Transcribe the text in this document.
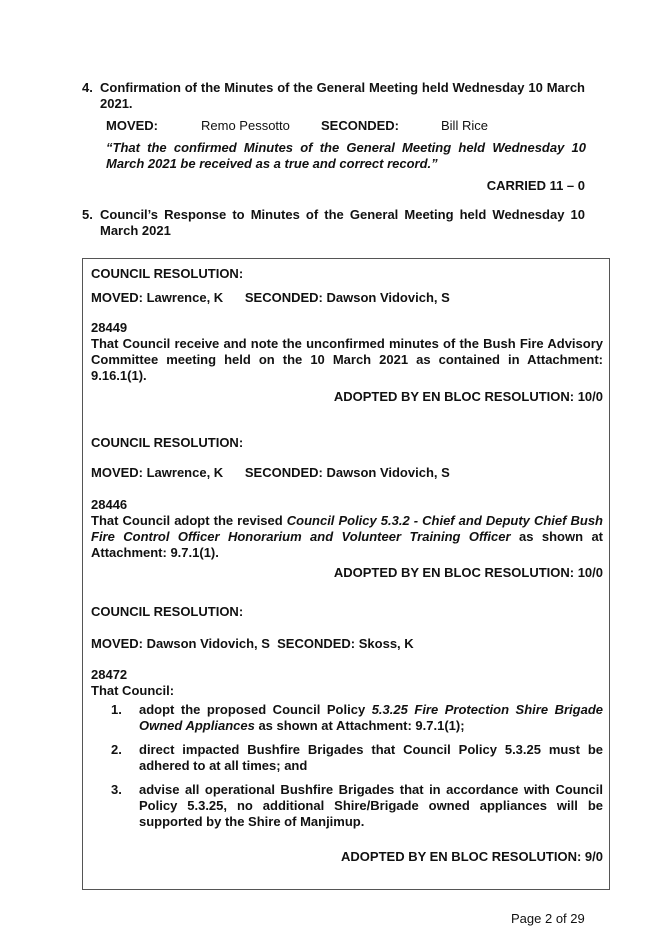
4. Confirmation of the Minutes of the General Meeting held Wednesday 10 March 2021.
MOVED:	Remo Pessotto SECONDED:	Bill Rice
“That the confirmed Minutes of the General Meeting held Wednesday 10 March 2021 be received as a true and correct record.”
CARRIED 11 – 0
5. Council’s Response to Minutes of the General Meeting held Wednesday 10 March 2021
COUNCIL RESOLUTION:
MOVED: Lawrence, K      SECONDED: Dawson Vidovich, S
28449
That Council receive and note the unconfirmed minutes of the Bush Fire Advisory Committee meeting held on the 10 March 2021 as contained in Attachment: 9.16.1(1).
ADOPTED BY EN BLOC RESOLUTION: 10/0
COUNCIL RESOLUTION:
MOVED: Lawrence, K      SECONDED: Dawson Vidovich, S
28446
That Council adopt the revised Council Policy 5.3.2 - Chief and Deputy Chief Bush Fire Control Officer Honorarium and Volunteer Training Officer as shown at Attachment: 9.7.1(1).
ADOPTED BY EN BLOC RESOLUTION: 10/0
COUNCIL RESOLUTION:
MOVED: Dawson Vidovich, S  SECONDED: Skoss, K
28472
That Council:
1. adopt the proposed Council Policy 5.3.25 Fire Protection Shire Brigade Owned Appliances as shown at Attachment: 9.7.1(1);
2. direct impacted Bushfire Brigades that Council Policy 5.3.25 must be adhered to at all times; and
3. advise all operational Bushfire Brigades that in accordance with Council Policy 5.3.25, no additional Shire/Brigade owned appliances will be supported by the Shire of Manjimup.
ADOPTED BY EN BLOC RESOLUTION: 9/0
Page 2 of 29
